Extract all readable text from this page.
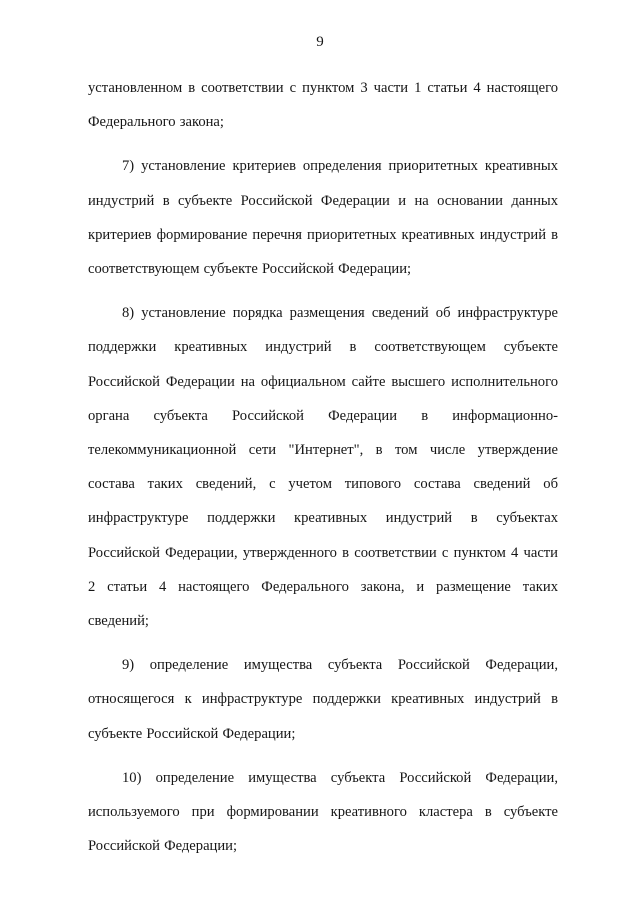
9

установленном в соответствии с пунктом 3 части 1 статьи 4 настоящего Федерального закона;

7) установление критериев определения приоритетных креативных индустрий в субъекте Российской Федерации и на основании данных критериев формирование перечня приоритетных креативных индустрий в соответствующем субъекте Российской Федерации;

8) установление порядка размещения сведений об инфраструктуре поддержки креативных индустрий в соответствующем субъекте Российской Федерации на официальном сайте высшего исполнительного органа субъекта Российской Федерации в информационно-телекоммуникационной сети "Интернет", в том числе утверждение состава таких сведений, с учетом типового состава сведений об инфраструктуре поддержки креативных индустрий в субъектах Российской Федерации, утвержденного в соответствии с пунктом 4 части 2 статьи 4 настоящего Федерального закона, и размещение таких сведений;

9) определение имущества субъекта Российской Федерации, относящегося к инфраструктуре поддержки креативных индустрий в субъекте Российской Федерации;

10) определение имущества субъекта Российской Федерации, используемого при формировании креативного кластера в субъекте Российской Федерации;
